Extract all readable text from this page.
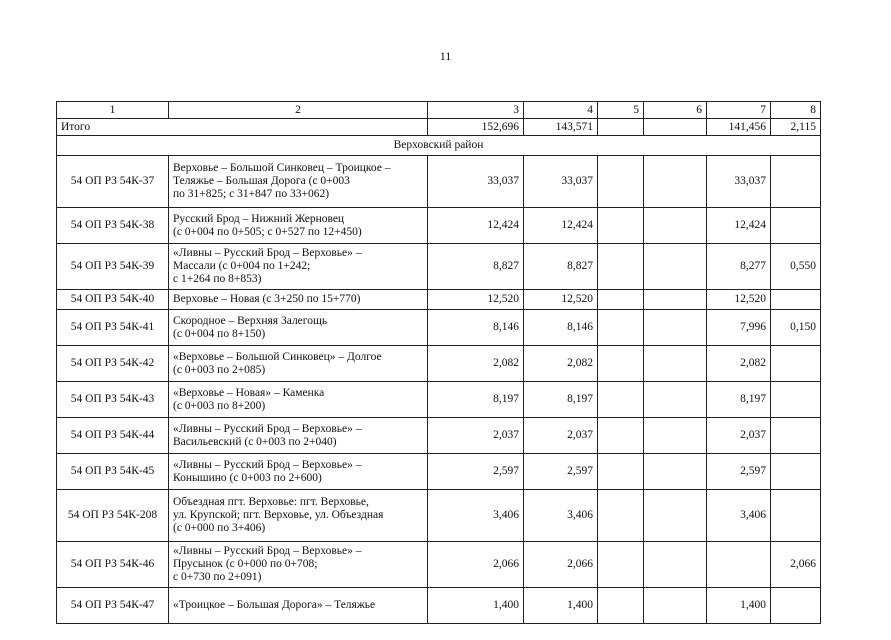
11
1	2	3	4	5	6	7	8
Итого		152,696	143,571			141,456	2,115
Верховский район							
54 ОП РЗ 54К-37	Верховье – Большой Синковец – Троицкое –
Теляжье – Большая Дорога (с 0+003
по 31+825; с 31+847 по 33+062)	33,037	33,037			33,037	
54 ОП РЗ 54К-38	Русский Брод – Нижний Жерновец
(с 0+004 по 0+505; с 0+527 по 12+450)	12,424	12,424			12,424	
54 ОП РЗ 54К-39	«Ливны – Русский Брод – Верховье» –
Массали (с 0+004 по 1+242;
с 1+264 по 8+853)	8,827	8,827			8,277	0,550
54 ОП РЗ 54К-40	Верховье – Новая (с 3+250 по 15+770)	12,520	12,520			12,520	
54 ОП РЗ 54К-41	Скородное – Верхняя Залегощь
(с 0+004 по 8+150)	8,146	8,146			7,996	0,150
54 ОП РЗ 54К-42	«Верховье – Большой Синковец» – Долгое
(с 0+003 по 2+085)	2,082	2,082			2,082	
54 ОП РЗ 54К-43	«Верховье – Новая» – Каменка
(с 0+003 по 8+200)	8,197	8,197			8,197	
54 ОП РЗ 54К-44	«Ливны – Русский Брод – Верховье» –
Васильевский (с 0+003 по 2+040)	2,037	2,037			2,037	
54 ОП РЗ 54К-45	«Ливны – Русский Брод – Верховье» –
Конышино (с 0+003 по 2+600)	2,597	2,597			2,597	
54 ОП РЗ 54К-208	Объездная пгт. Верховье: пгт. Верховье,
ул. Крупской; пгт. Верховье, ул. Объездная
(с 0+000 по 3+406)	3,406	3,406			3,406	
54 ОП РЗ 54К-46	«Ливны – Русский Брод – Верховье» –
Прусынок (с 0+000 по 0+708;
с 0+730 по 2+091)	2,066	2,066				2,066
54 ОП РЗ 54К-47	«Троицкое – Большая Дорога» – Теляжье	1,400	1,400			1,400	
